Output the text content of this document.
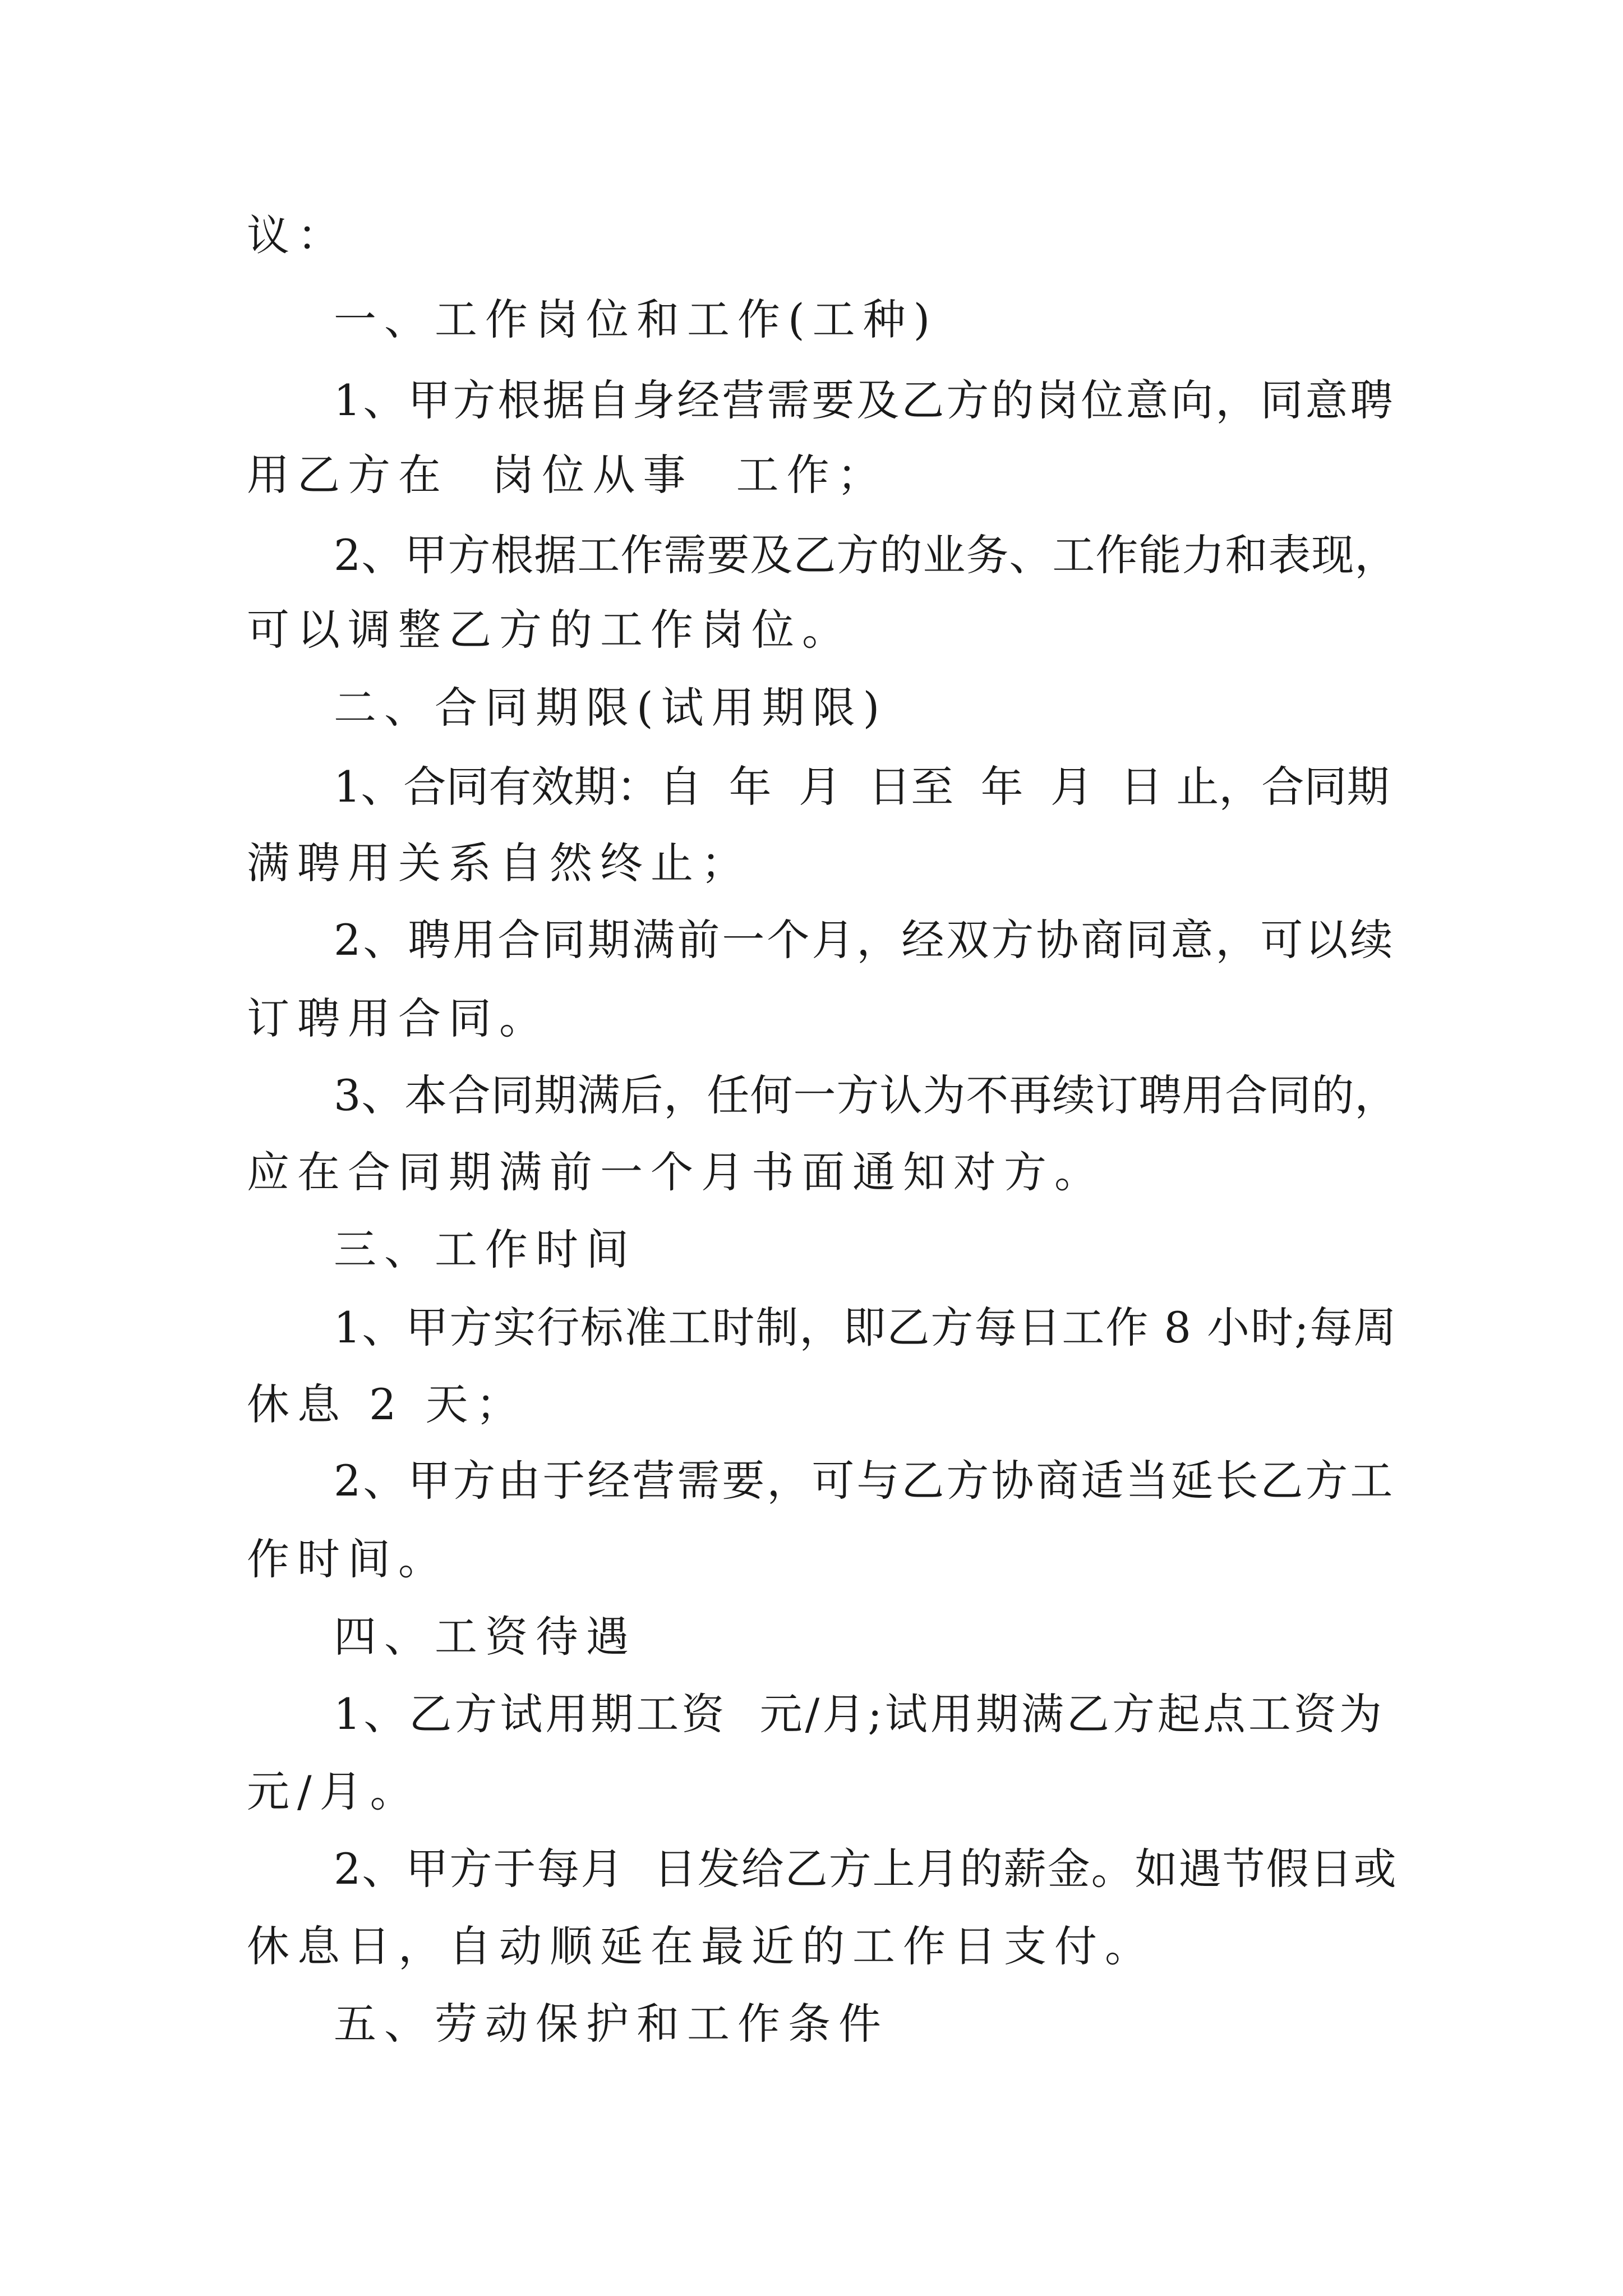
议：
一、工作岗位和工作(工种)
1、甲方根据自身经营需要及乙方的岗位意向，同意聘
用乙方在  岗位从事  工作；
2、甲方根据工作需要及乙方的业务、工作能力和表现，
可以调整乙方的工作岗位。
二、合同期限(试用期限)
1、合同有效期：自  年  月  日至  年  月  日 止，合同期
满聘用关系自然终止；
2、聘用合同期满前一个月，经双方协商同意，可以续
订聘用合同。
3、本合同期满后，任何一方认为不再续订聘用合同的，
应在合同期满前一个月书面通知对方。
三、工作时间
1、甲方实行标准工时制，即乙方每日工作 8 小时;每周
休息 2 天；
2、甲方由于经营需要，可与乙方协商适当延长乙方工
作时间。
四、工资待遇
1、乙方试用期工资  元/月;试用期满乙方起点工资为
元/月。
2、甲方于每月  日发给乙方上月的薪金。如遇节假日或
休息日，自动顺延在最近的工作日支付。
五、劳动保护和工作条件
